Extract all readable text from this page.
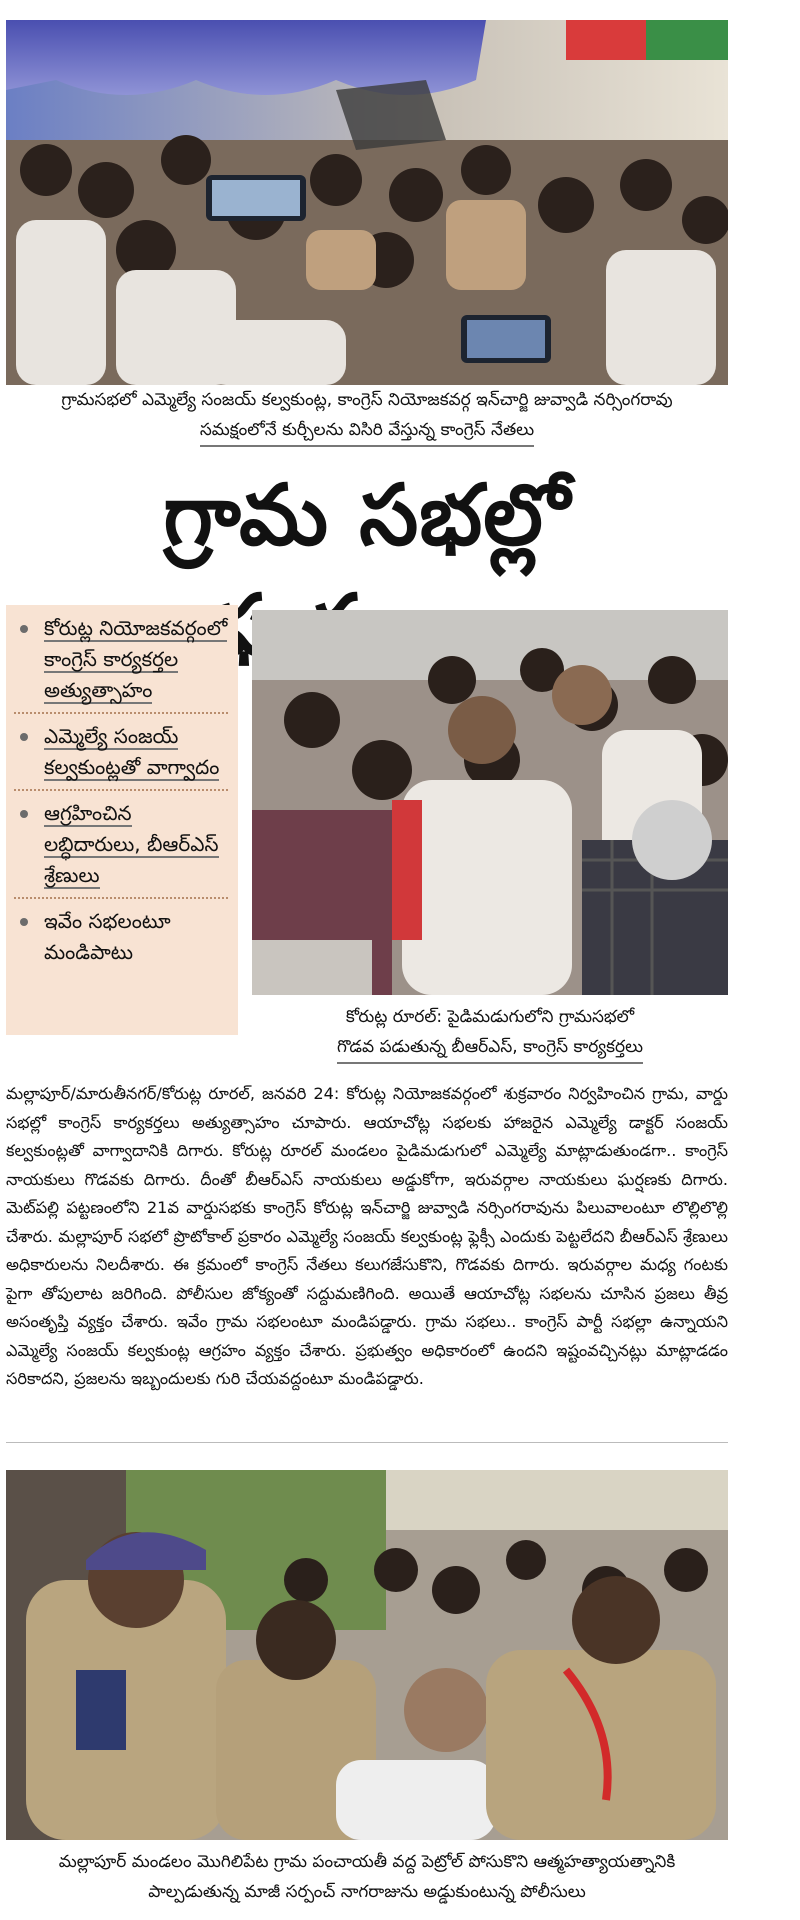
గ్రామసభలో ఎమ్మెల్యే సంజయ్ కల్వకుంట్ల, కాంగ్రెస్ నియోజకవర్గ ఇన్‌చార్జి జువ్వాడి నర్సింగరావు
సమక్షంలోనే కుర్చీలను విసిరి వేస్తున్న కాంగ్రెస్ నేతలు
గ్రామ సభల్లో
కోరుట్ల నియోజకవర్గంలో కాంగ్రెస్ కార్యకర్తల అత్యుత్సాహం
ఎమ్మెల్యే సంజయ్ కల్వకుంట్లతో వాగ్వాదం
ఆగ్రహించిన లబ్ధిదారులు, బీఆర్ఎస్ శ్రేణులు
ఇవేం సభలంటూ మండిపాటు
కోరుట్ల రూరల్: పైడిమడుగులోని గ్రామసభలో
గొడవ పడుతున్న బీఆర్ఎస్, కాంగ్రెస్ కార్యకర్తలు
మల్లాపూర్/మారుతీనగర్/కోరుట్ల రూరల్, జనవరి 24: కోరుట్ల నియోజకవర్గంలో శుక్రవారం నిర్వహించిన గ్రామ, వార్డు సభల్లో కాంగ్రెస్ కార్యకర్తలు అత్యుత్సాహం చూపారు. ఆయాచోట్ల సభలకు హాజరైన ఎమ్మెల్యే డాక్టర్ సంజయ్ కల్వకుంట్లతో వాగ్వాదానికి దిగారు. కోరుట్ల రూరల్ మండలం పైడిమడుగులో ఎమ్మెల్యే మాట్లాడుతుండగా.. కాంగ్రెస్ నాయకులు గొడవకు దిగారు. దీంతో బీఆర్ఎస్ నాయకులు అడ్డుకోగా, ఇరువర్గాల నాయకులు ఘర్షణకు దిగారు. మెట్‌పల్లి పట్టణంలోని 21వ వార్డుసభకు కాంగ్రెస్ కోరుట్ల ఇన్‌చార్జి జువ్వాడి నర్సింగరావును పిలువాలంటూ లొల్లిలొల్లి చేశారు. మల్లాపూర్ సభలో ప్రొటోకాల్ ప్రకారం ఎమ్మెల్యే సంజయ్ కల్వకుంట్ల ఫ్లెక్సీ ఎందుకు పెట్టలేదని బీఆర్ఎస్ శ్రేణులు అధికారులను నిలదీశారు. ఈ క్రమంలో కాంగ్రెస్ నేతలు కలుగజేసుకొని, గొడవకు దిగారు. ఇరువర్గాల మధ్య గంటకు పైగా తోపులాట జరిగింది. పోలీసుల జోక్యంతో సద్దుమణిగింది. అయితే ఆయాచోట్ల సభలను చూసిన ప్రజలు తీవ్ర అసంతృప్తి వ్యక్తం చేశారు. ఇవేం గ్రామ సభలంటూ మండిపడ్డారు. గ్రామ సభలు.. కాంగ్రెస్ పార్టీ సభల్లా ఉన్నాయని ఎమ్మెల్యే సంజయ్ కల్వకుంట్ల ఆగ్రహం వ్యక్తం చేశారు. ప్రభుత్వం అధికారంలో ఉందని ఇష్టంవచ్చినట్లు మాట్లాడడం సరికాదని, ప్రజలను ఇబ్బందులకు గురి చేయవద్దంటూ మండిపడ్డారు.
మల్లాపూర్ మండలం మొగిలిపేట గ్రామ పంచాయతీ వద్ద పెట్రోల్ పోసుకొని ఆత్మహత్యాయత్నానికి
పాల్పడుతున్న మాజీ సర్పంచ్ నాగరాజును అడ్డుకుంటున్న పోలీసులు
